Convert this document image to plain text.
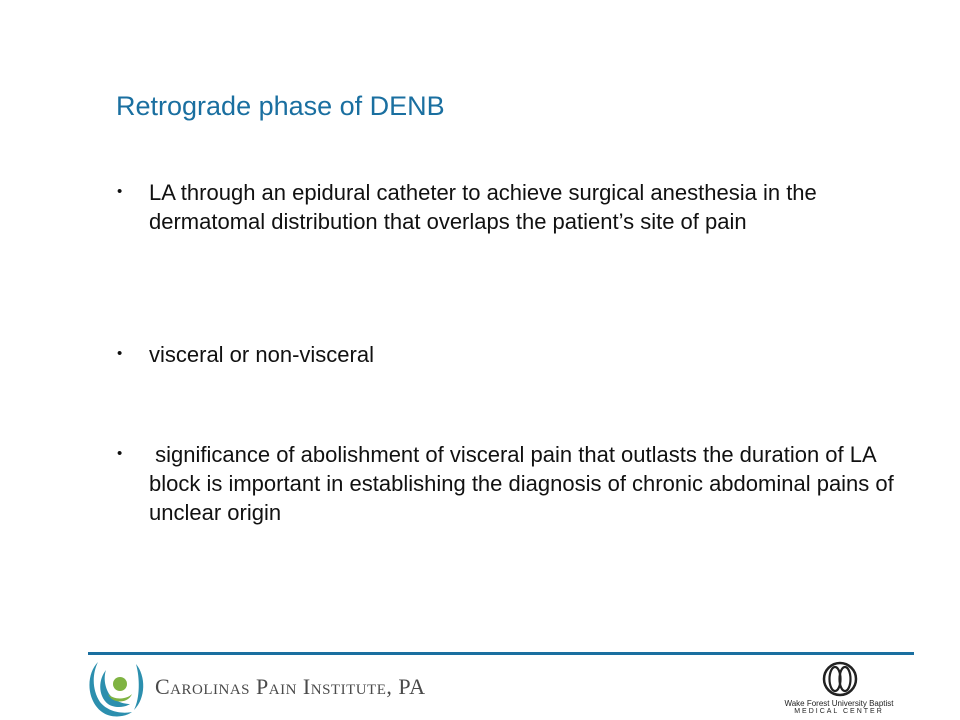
Retrograde phase of DENB
• LA through an epidural catheter to achieve surgical anesthesia in the dermatomal distribution that overlaps the patient’s site of pain
• visceral or non-visceral
• significance of abolishment of visceral pain that outlasts the duration of LA block is important in establishing the diagnosis of chronic abdominal pains of unclear origin
Carolinas Pain Institute, PA
Wake Forest University Baptist
MEDICAL CENTER
